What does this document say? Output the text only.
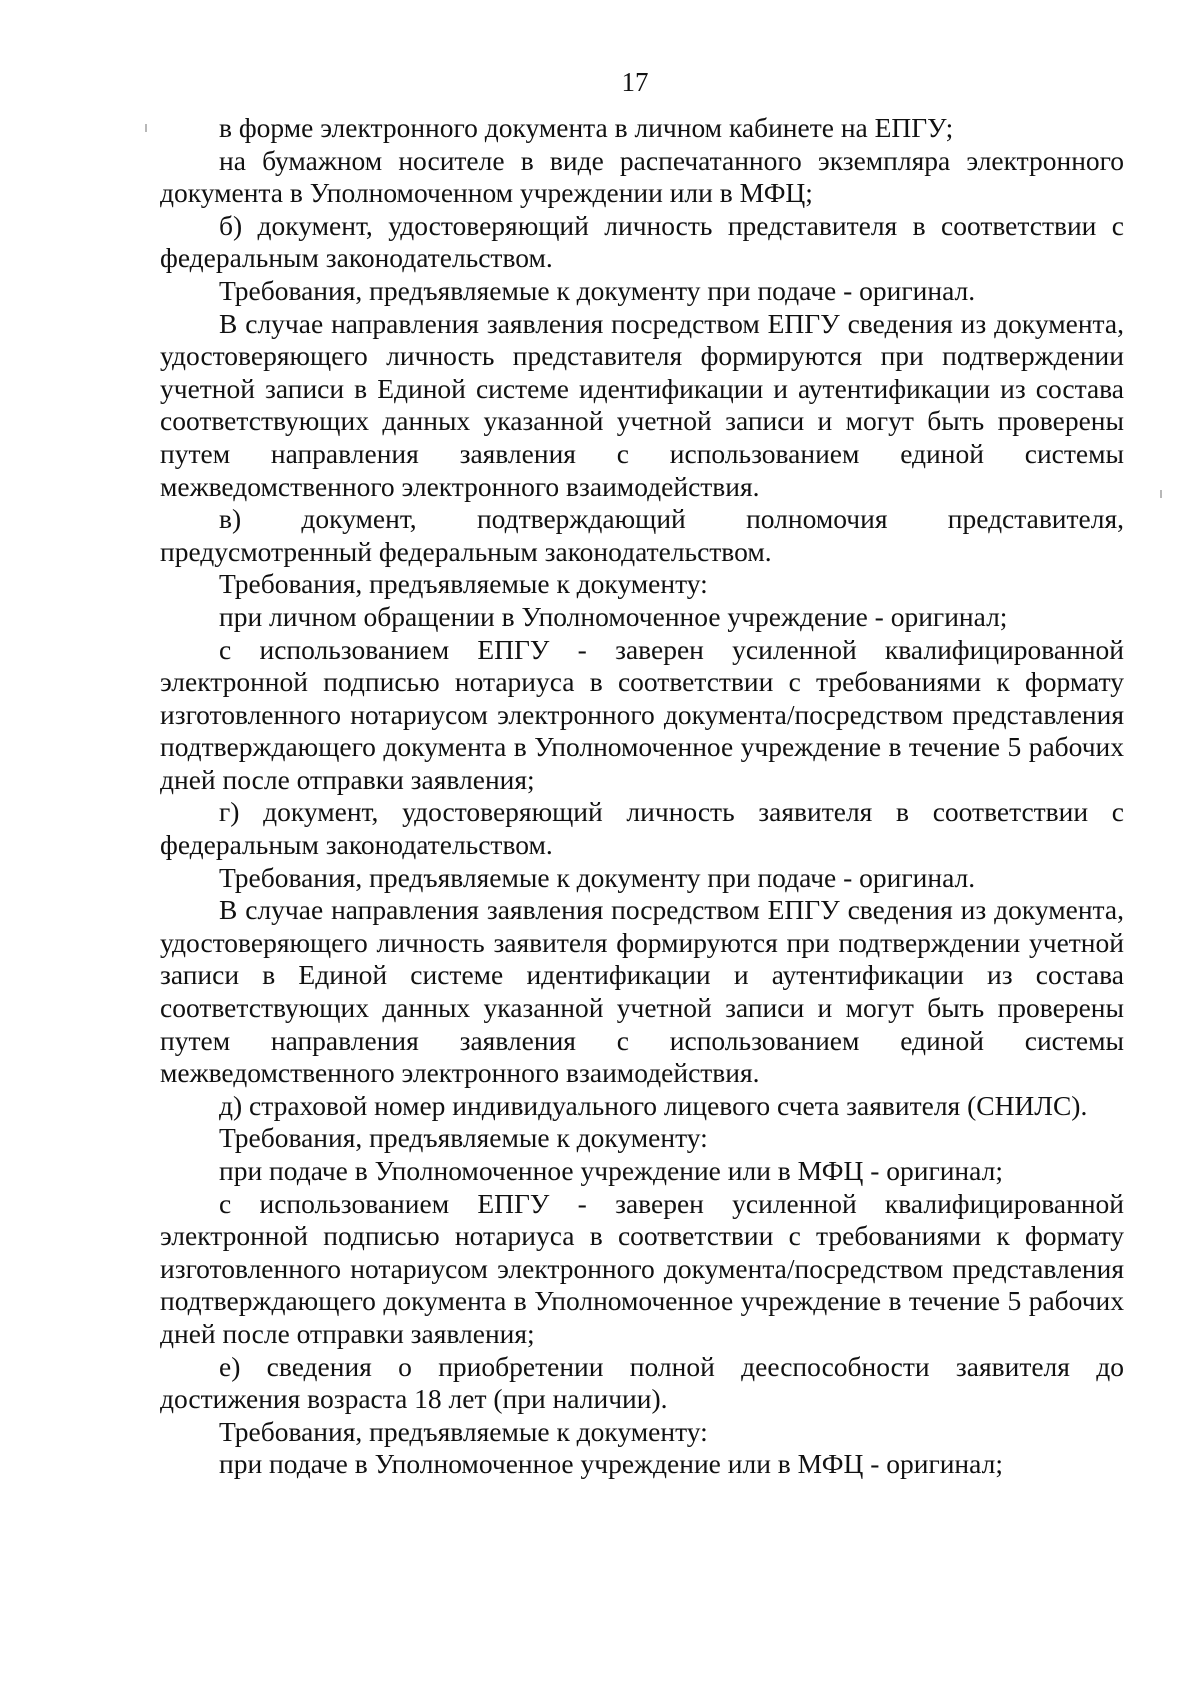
17

в форме электронного документа в личном кабинете на ЕПГУ;

на бумажном носителе в виде распечатанного экземпляра электронного документа в Уполномоченном учреждении или в МФЦ;

б) документ, удостоверяющий личность представителя в соответствии с федеральным законодательством.

Требования, предъявляемые к документу при подаче - оригинал.

В случае направления заявления посредством ЕПГУ сведения из документа, удостоверяющего личность представителя формируются при подтверждении учетной записи в Единой системе идентификации и аутентификации из состава соответствующих данных указанной учетной записи и могут быть проверены путем направления заявления с использованием единой системы межведомственного электронного взаимодействия.

в) документ, подтверждающий полномочия представителя, предусмотренный федеральным законодательством.

Требования, предъявляемые к документу:

при личном обращении в Уполномоченное учреждение - оригинал;

с использованием ЕПГУ - заверен усиленной квалифицированной электронной подписью нотариуса в соответствии с требованиями к формату изготовленного нотариусом электронного документа/посредством представления подтверждающего документа в Уполномоченное учреждение в течение 5 рабочих дней после отправки заявления;

г) документ, удостоверяющий личность заявителя в соответствии с федеральным законодательством.

Требования, предъявляемые к документу при подаче - оригинал.

В случае направления заявления посредством ЕПГУ сведения из документа, удостоверяющего личность заявителя формируются при подтверждении учетной записи в Единой системе идентификации и аутентификации из состава соответствующих данных указанной учетной записи и могут быть проверены путем направления заявления с использованием единой системы межведомственного электронного взаимодействия.

д) страховой номер индивидуального лицевого счета заявителя (СНИЛС).

Требования, предъявляемые к документу:

при подаче в Уполномоченное учреждение или в МФЦ - оригинал;

с использованием ЕПГУ - заверен усиленной квалифицированной электронной подписью нотариуса в соответствии с требованиями к формату изготовленного нотариусом электронного документа/посредством представления подтверждающего документа в Уполномоченное учреждение в течение 5 рабочих дней после отправки заявления;

е) сведения о приобретении полной дееспособности заявителя до достижения возраста 18 лет (при наличии).

Требования, предъявляемые к документу:

при подаче в Уполномоченное учреждение или в МФЦ - оригинал;
